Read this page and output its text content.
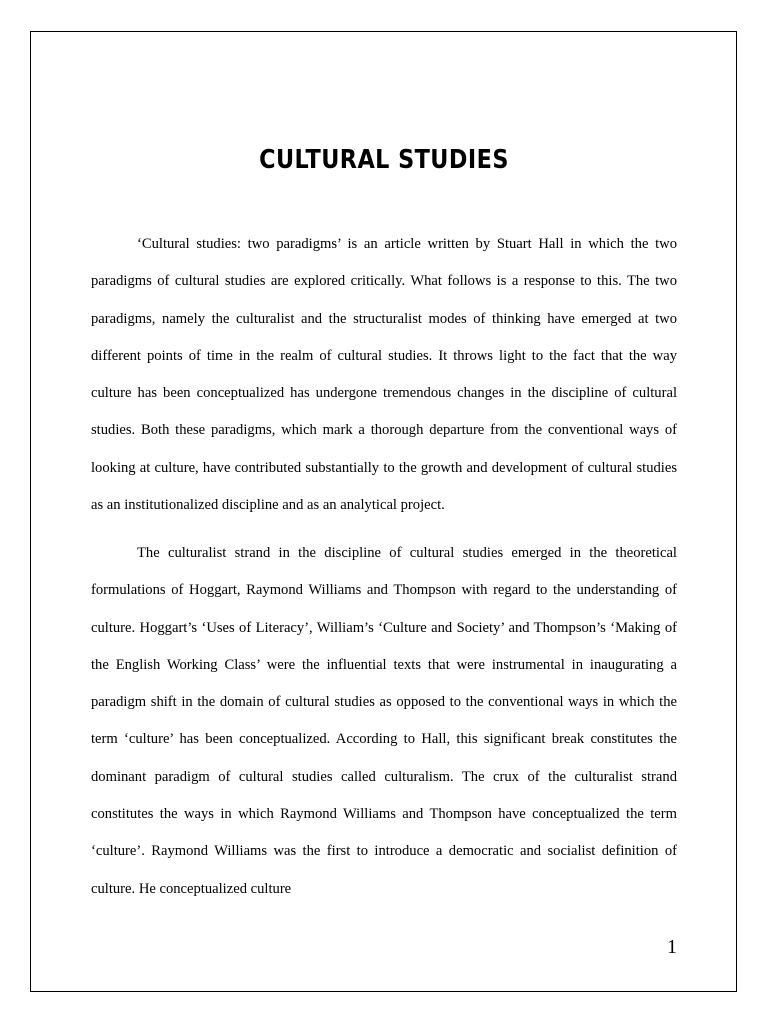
CULTURAL STUDIES

‘Cultural studies: two paradigms’ is an article written by Stuart Hall in which the two paradigms of cultural studies are explored critically. What follows is a response to this. The two paradigms, namely the culturalist and the structuralist modes of thinking have emerged at two different points of time in the realm of cultural studies. It throws light to the fact that the way culture has been conceptualized has undergone tremendous changes in the discipline of cultural studies. Both these paradigms, which mark a thorough departure from the conventional ways of looking at culture, have contributed substantially to the growth and development of cultural studies as an institutionalized discipline and as an analytical project.

The culturalist strand in the discipline of cultural studies emerged in the theoretical formulations of Hoggart, Raymond Williams and Thompson with regard to the understanding of culture. Hoggart’s ‘Uses of Literacy’, William’s ‘Culture and Society’ and Thompson’s ‘Making of the English Working Class’ were the influential texts that were instrumental in inaugurating a paradigm shift in the domain of cultural studies as opposed to the conventional ways in which the term ‘culture’ has been conceptualized. According to Hall, this significant break constitutes the dominant paradigm of cultural studies called culturalism. The crux of the culturalist strand constitutes the ways in which Raymond Williams and Thompson have conceptualized the term ‘culture’. Raymond Williams was the first to introduce a democratic and socialist definition of culture. He conceptualized culture

1
